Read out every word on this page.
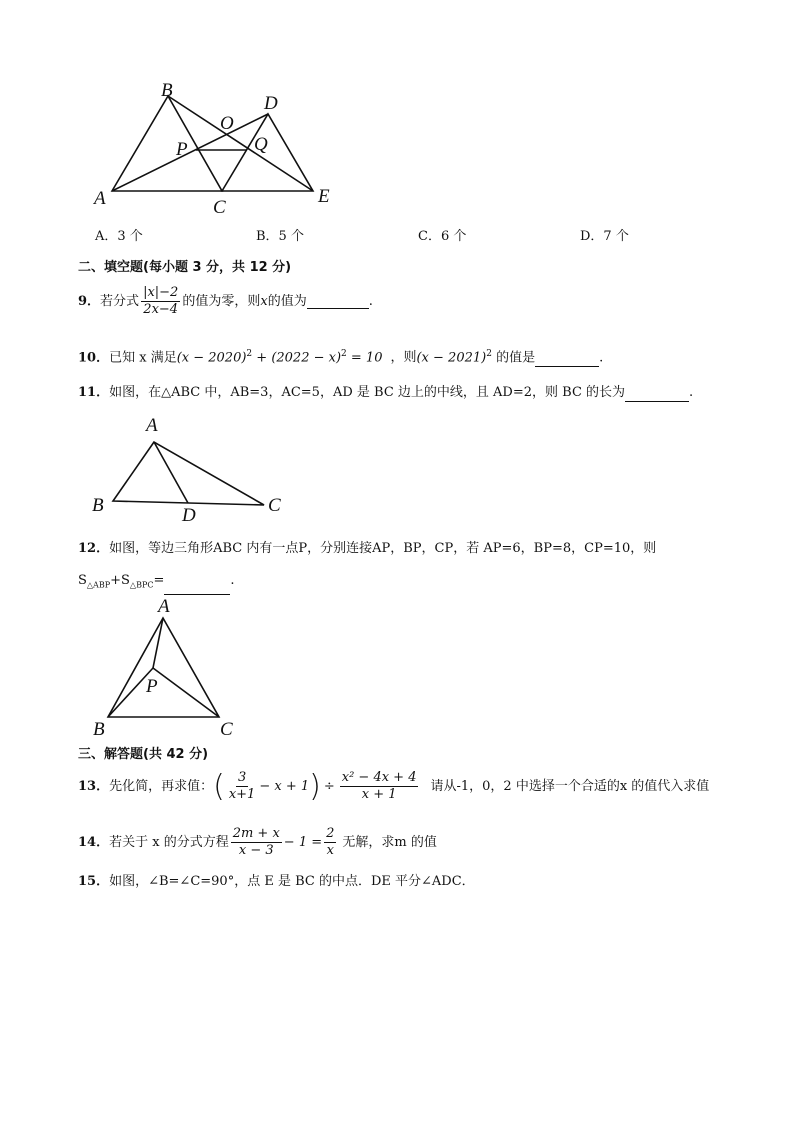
B
D
O
P	Q
A	C
E
A．3 个	B．5 个	C．6 个	D．7 个
二、填空题(每小题 3 分，共 12 分)
9． 若分式 $\frac{|x|-2}{2x-4}$ 的值为零，则 x 的值为	.
10．已知 x 满足$(x - 2020)^2 + (2022 - x)^2 = 10$ ，则$(x - 2021)^2$ 的值是	.
11．如图，在△ABC 中，AB=3，AC=5，AD 是 BC 边上的中线，且 AD=2，则 BC 的长为	.
A
B	D	C
12．如图，等边三角形ABC 内有一点P，分别连接AP，BP，CP，若 AP=6，BP=8，CP=10，则
$S_{\triangle ABP}+S_{\triangle BPC}=$	.
A
P
B	C
三、解答题(共 42 分)
13． 先化简，再求值： ( $\frac{3}{x+1} - x + 1$ ) ÷ $\frac{\text{x² − 4x + 4}}{x + 1}$ 请从-1，0，2 中选择一个合适的x 的值代入求值
14． 若关于 x 的分式方程 $\frac{2m + x}{x - 3} - 1 = \frac{2}{x}$ 无解，求m 的值
15．如图，∠B=∠C=90°，点 E 是 BC 的中点．DE 平分∠ADC．
